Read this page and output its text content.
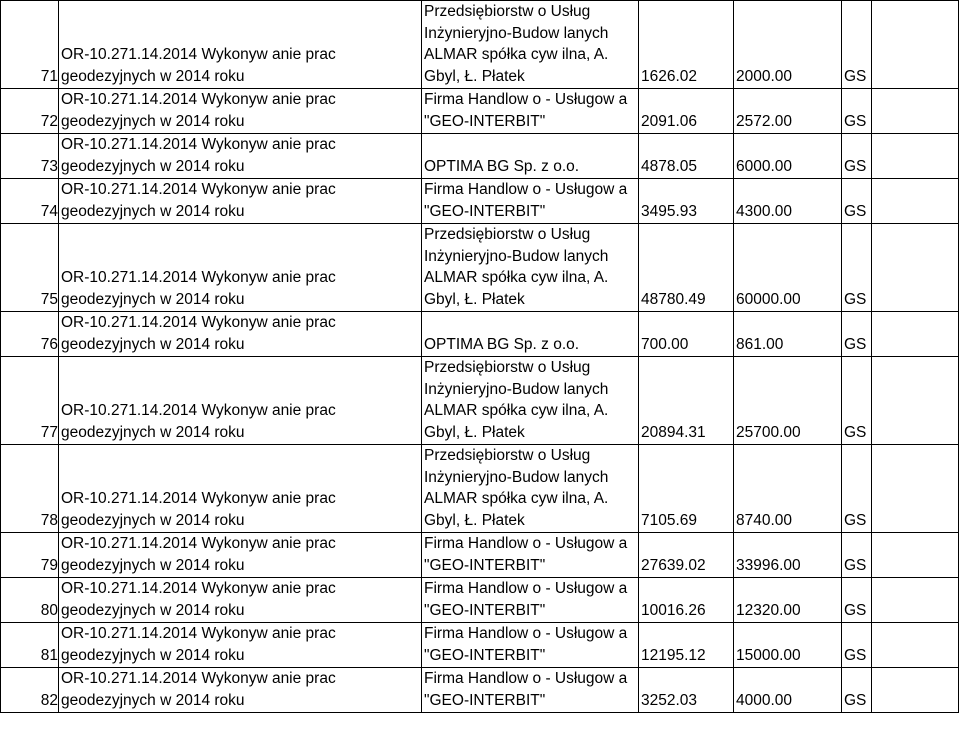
71	OR-10.271.14.2014 Wykonyw anie prac
geodezyjnych w 2014 roku	Przedsiębiorstw o Usług
Inżynieryjno-Budow lanych
ALMAR spółka cyw ilna, A.
Gbyl, Ł. Płatek	1626.02	2000.00	GS	
72	OR-10.271.14.2014 Wykonyw anie prac
geodezyjnych w 2014 roku	Firma Handlow o - Usługow a
"GEO-INTERBIT"	2091.06	2572.00	GS	
73	OR-10.271.14.2014 Wykonyw anie prac
geodezyjnych w 2014 roku	OPTIMA BG Sp. z o.o.	4878.05	6000.00	GS	
74	OR-10.271.14.2014 Wykonyw anie prac
geodezyjnych w 2014 roku	Firma Handlow o - Usługow a
"GEO-INTERBIT"	3495.93	4300.00	GS	
75	OR-10.271.14.2014 Wykonyw anie prac
geodezyjnych w 2014 roku	Przedsiębiorstw o Usług
Inżynieryjno-Budow lanych
ALMAR spółka cyw ilna, A.
Gbyl, Ł. Płatek	48780.49	60000.00	GS	
76	OR-10.271.14.2014 Wykonyw anie prac
geodezyjnych w 2014 roku	OPTIMA BG Sp. z o.o.	700.00	861.00	GS	
77	OR-10.271.14.2014 Wykonyw anie prac
geodezyjnych w 2014 roku	Przedsiębiorstw o Usług
Inżynieryjno-Budow lanych
ALMAR spółka cyw ilna, A.
Gbyl, Ł. Płatek	20894.31	25700.00	GS	
78	OR-10.271.14.2014 Wykonyw anie prac
geodezyjnych w 2014 roku	Przedsiębiorstw o Usług
Inżynieryjno-Budow lanych
ALMAR spółka cyw ilna, A.
Gbyl, Ł. Płatek	7105.69	8740.00	GS	
79	OR-10.271.14.2014 Wykonyw anie prac
geodezyjnych w 2014 roku	Firma Handlow o - Usługow a
"GEO-INTERBIT"	27639.02	33996.00	GS	
80	OR-10.271.14.2014 Wykonyw anie prac
geodezyjnych w 2014 roku	Firma Handlow o - Usługow a
"GEO-INTERBIT"	10016.26	12320.00	GS	
81	OR-10.271.14.2014 Wykonyw anie prac
geodezyjnych w 2014 roku	Firma Handlow o - Usługow a
"GEO-INTERBIT"	12195.12	15000.00	GS	
82	OR-10.271.14.2014 Wykonyw anie prac
geodezyjnych w 2014 roku	Firma Handlow o - Usługow a
"GEO-INTERBIT"	3252.03	4000.00	GS	
